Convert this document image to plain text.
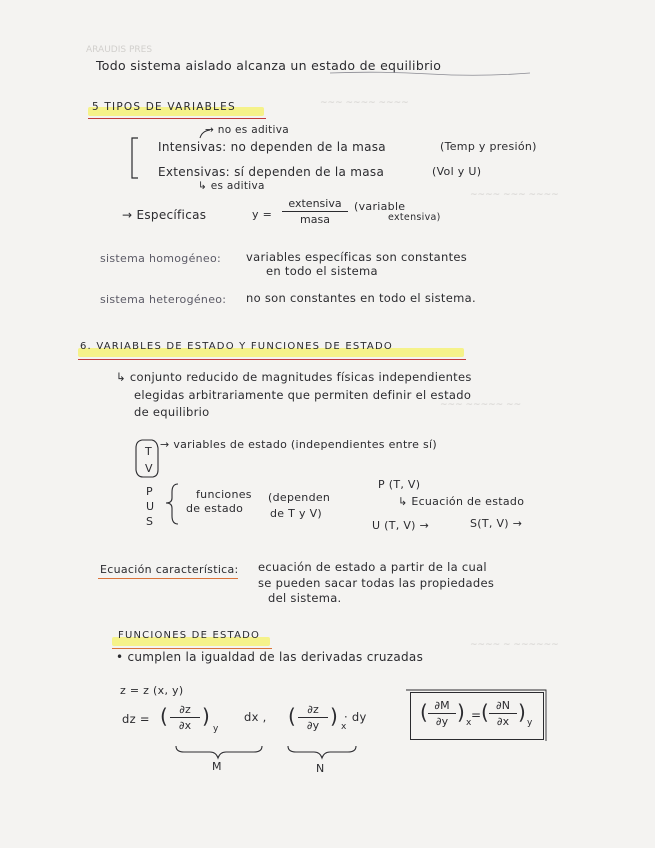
ARAUDIS PRES
~~~ ~~~~ ~~~~
~~~~ ~~~ ~~~~
~~~ ~~~~~ ~~
~~~~ ~ ~~~~~~
Todo sistema aislado alcanza un estado de equilibrio
5 TIPOS DE VARIABLES
→ no es aditiva
Intensivas: no dependen de la masa	(Temp y presión)
Extensivas: sí dependen de la masa	(Vol y U)
↳ es aditiva
→ Específicas	y =
extensiva
masa
(variable
extensiva)
sistema homogéneo: variables específicas son constantes
en todo el sistema
sistema heterogéneo: no son constantes en todo el sistema.
6. VARIABLES DE ESTADO Y FUNCIONES DE ESTADO
↳ conjunto reducido de magnitudes físicas independientes
elegidas arbitrariamente que permiten definir el estado
de equilibrio
T
V
→ variables de estado (independientes entre sí)
P
U
S
funciones
de estado
(dependen
de T y V)
P (T, V)
↳ Ecuación de estado
U (T, V) →	S(T, V) →
Ecuación característica: ecuación de estado a partir de la cual
se pueden sacar todas las propiedades
del sistema.
FUNCIONES DE ESTADO
• cumplen la igualdad de las derivadas cruzadas
z = z (x, y)
dz = ( $\frac{\partial z}{\partial x}$ )
y
dx , ( $\frac{\partial z}{\partial y}$ ) x
· dy
M	N
( $\frac{\partial M}{\partial y}$ ) x
= ( $\frac{\partial N}{\partial x}$ ) y
